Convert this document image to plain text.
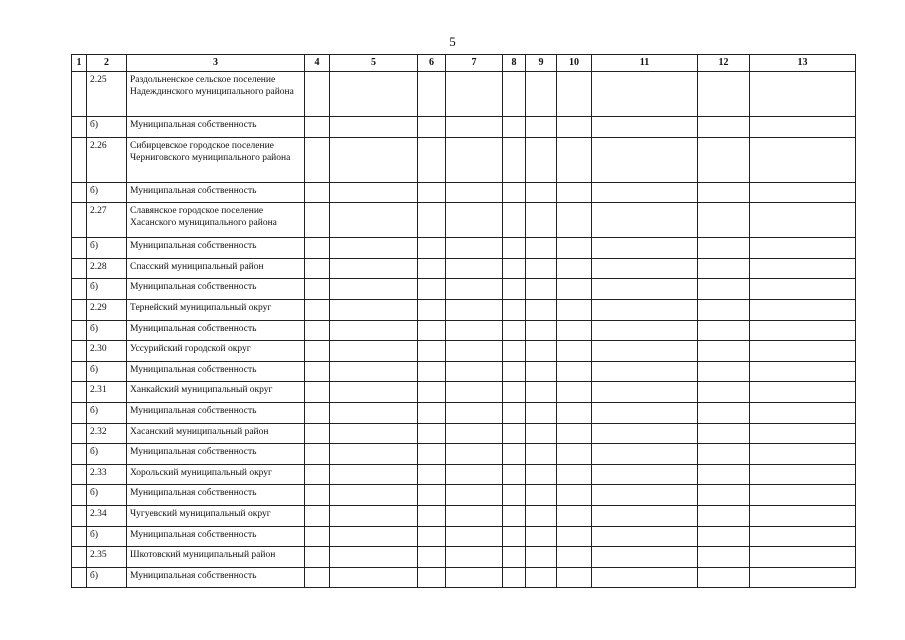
5
1	2	3	4	5	6	7	8	9	10	11	12	13
	2.25	Раздольненское сельское поселение Надеждинского муниципального района										
	б)	Муниципальная собственность										
	2.26	Сибирцевское городское поселение Черниговского муниципального района										
	б)	Муниципальная собственность										
	2.27	Славянское городское поселение Хасанского муниципального района										
	б)	Муниципальная собственность										
	2.28	Спасский муниципальный район										
	б)	Муниципальная собственность										
	2.29	Тернейский муниципальный округ										
	б)	Муниципальная собственность										
	2.30	Уссурийский городской округ										
	б)	Муниципальная собственность										
	2.31	Ханкайский муниципальный округ										
	б)	Муниципальная собственность										
	2.32	Хасанский муниципальный район										
	б)	Муниципальная собственность										
	2.33	Хорольский муниципальный округ										
	б)	Муниципальная собственность										
	2.34	Чугуевский муниципальный округ										
	б)	Муниципальная собственность										
	2.35	Шкотовский муниципальный район										
	б)	Муниципальная собственность										
